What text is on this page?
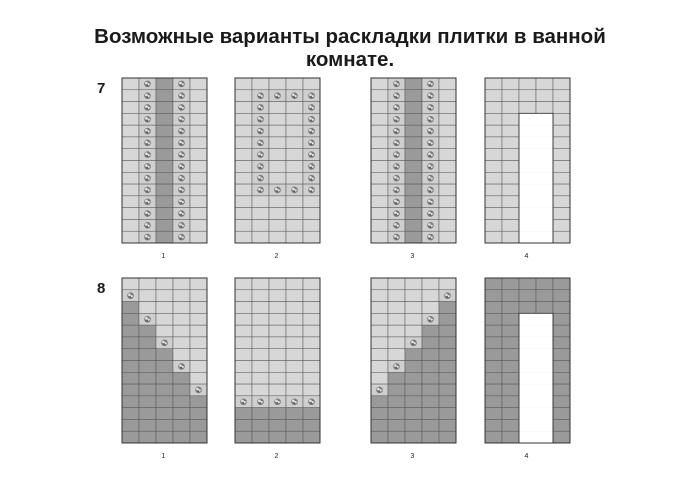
Возможные варианты раскладки плитки в ванной комнате.
7
8
1	2	3	4
1	2	3	4
